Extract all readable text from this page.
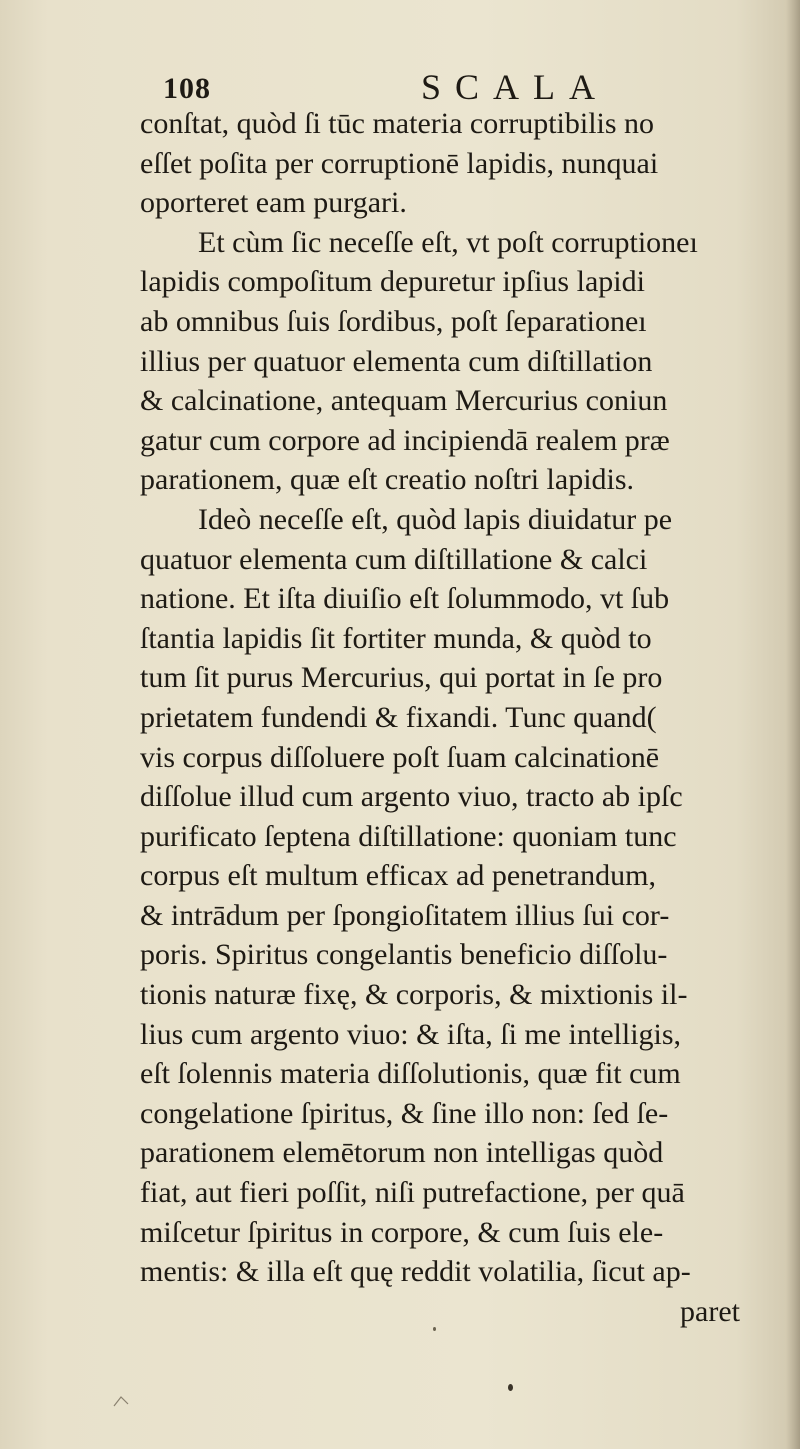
108	SCALA
conſtat, quòd ſi tūc materia corruptibilis no
eſſet poſita per corruptionē lapidis, nunquai
oporteret eam purgari.
Et cùm ſic neceſſe eſt, vt poſt corruptioneı
lapidis compoſitum depuretur ipſius lapidi
ab omnibus ſuis ſordibus, poſt ſeparationeı
illius per quatuor elementa cum diſtillation
& calcinatione, antequam Mercurius coniun
gatur cum corpore ad incipiendā realem præ
parationem, quæ eſt creatio noſtri lapidis.
Ideò neceſſe eſt, quòd lapis diuidatur pe
quatuor elementa cum diſtillatione & calci
natione. Et iſta diuiſio eſt ſolummodo, vt ſub
ſtantia lapidis ſit fortiter munda, & quòd to
tum ſit purus Mercurius, qui portat in ſe pro
prietatem fundendi & fixandi. Tunc quand(
vis corpus diſſoluere poſt ſuam calcinationē
diſſolue illud cum argento viuo, tracto ab ipſc
purificato ſeptena diſtillatione: quoniam tunc
corpus eſt multum efficax ad penetrandum,
& intrādum per ſpongioſitatem illius ſui cor-
poris. Spiritus congelantis beneficio diſſolu-
tionis naturæ fixę, & corporis, & mixtionis il-
lius cum argento viuo: & iſta, ſi me intelligis,
eſt ſolennis materia diſſolutionis, quæ fit cum
congelatione ſpiritus, & ſine illo non: ſed ſe-
parationem elemētorum non intelligas quòd
fiat, aut fieri poſſit, niſi putrefactione, per quā
miſcetur ſpiritus in corpore, & cum ſuis ele-
mentis: & illa eſt quę reddit volatilia, ſicut ap-
paret
